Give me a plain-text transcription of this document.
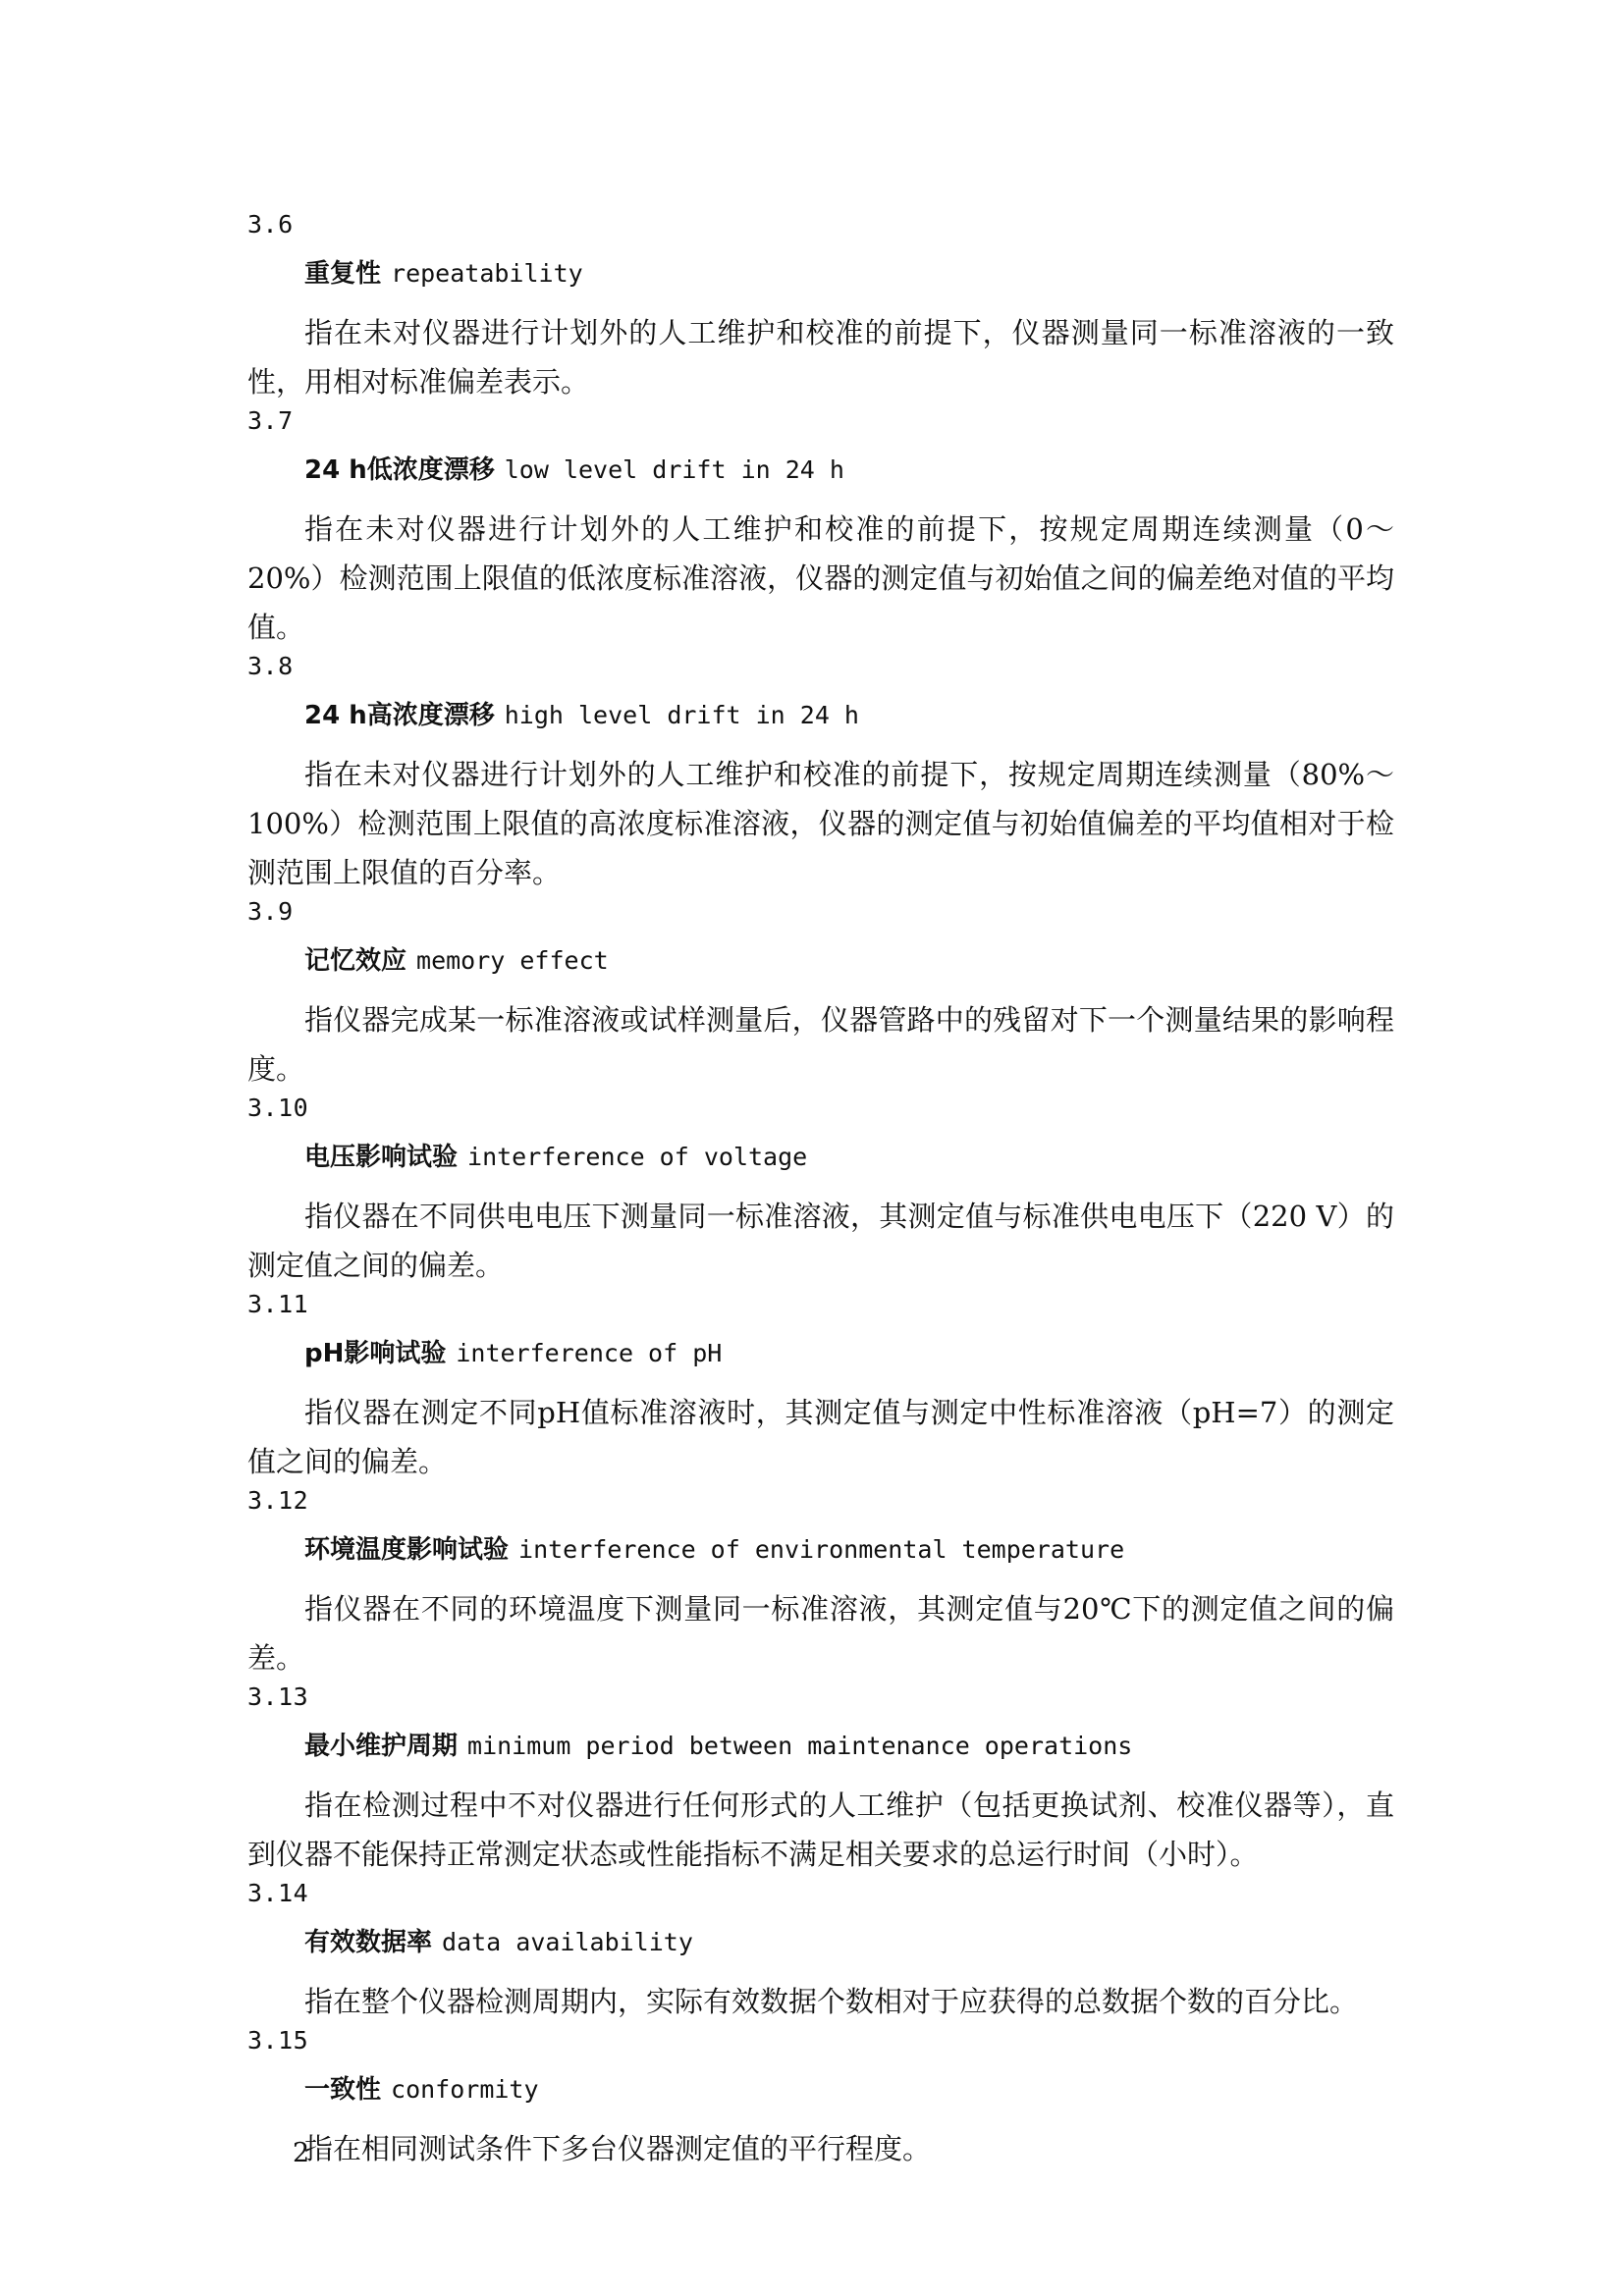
3.6
重复性 repeatability

指在未对仪器进行计划外的人工维护和校准的前提下，仪器测量同一标准溶液的一致性，用相对标准偏差表示。

3.7
24 h低浓度漂移 low level drift in 24 h

指在未对仪器进行计划外的人工维护和校准的前提下，按规定周期连续测量（0～20%）检测范围上限值的低浓度标准溶液，仪器的测定值与初始值之间的偏差绝对值的平均值。

3.8
24 h高浓度漂移 high level drift in 24 h

指在未对仪器进行计划外的人工维护和校准的前提下，按规定周期连续测量（80%～100%）检测范围上限值的高浓度标准溶液，仪器的测定值与初始值偏差的平均值相对于检测范围上限值的百分率。

3.9
记忆效应 memory effect

指仪器完成某一标准溶液或试样测量后，仪器管路中的残留对下一个测量结果的影响程度。

3.10
电压影响试验 interference of voltage

指仪器在不同供电电压下测量同一标准溶液，其测定值与标准供电电压下（220 V）的测定值之间的偏差。

3.11
pH影响试验 interference of pH

指仪器在测定不同pH值标准溶液时，其测定值与测定中性标准溶液（pH=7）的测定值之间的偏差。

3.12
环境温度影响试验 interference of environmental temperature

指仪器在不同的环境温度下测量同一标准溶液，其测定值与20℃下的测定值之间的偏差。

3.13
最小维护周期 minimum period between maintenance operations

指在检测过程中不对仪器进行任何形式的人工维护（包括更换试剂、校准仪器等），直到仪器不能保持正常测定状态或性能指标不满足相关要求的总运行时间（小时）。

3.14
有效数据率 data availability

指在整个仪器检测周期内，实际有效数据个数相对于应获得的总数据个数的百分比。

3.15
一致性 conformity

指在相同测试条件下多台仪器测定值的平行程度。

2
